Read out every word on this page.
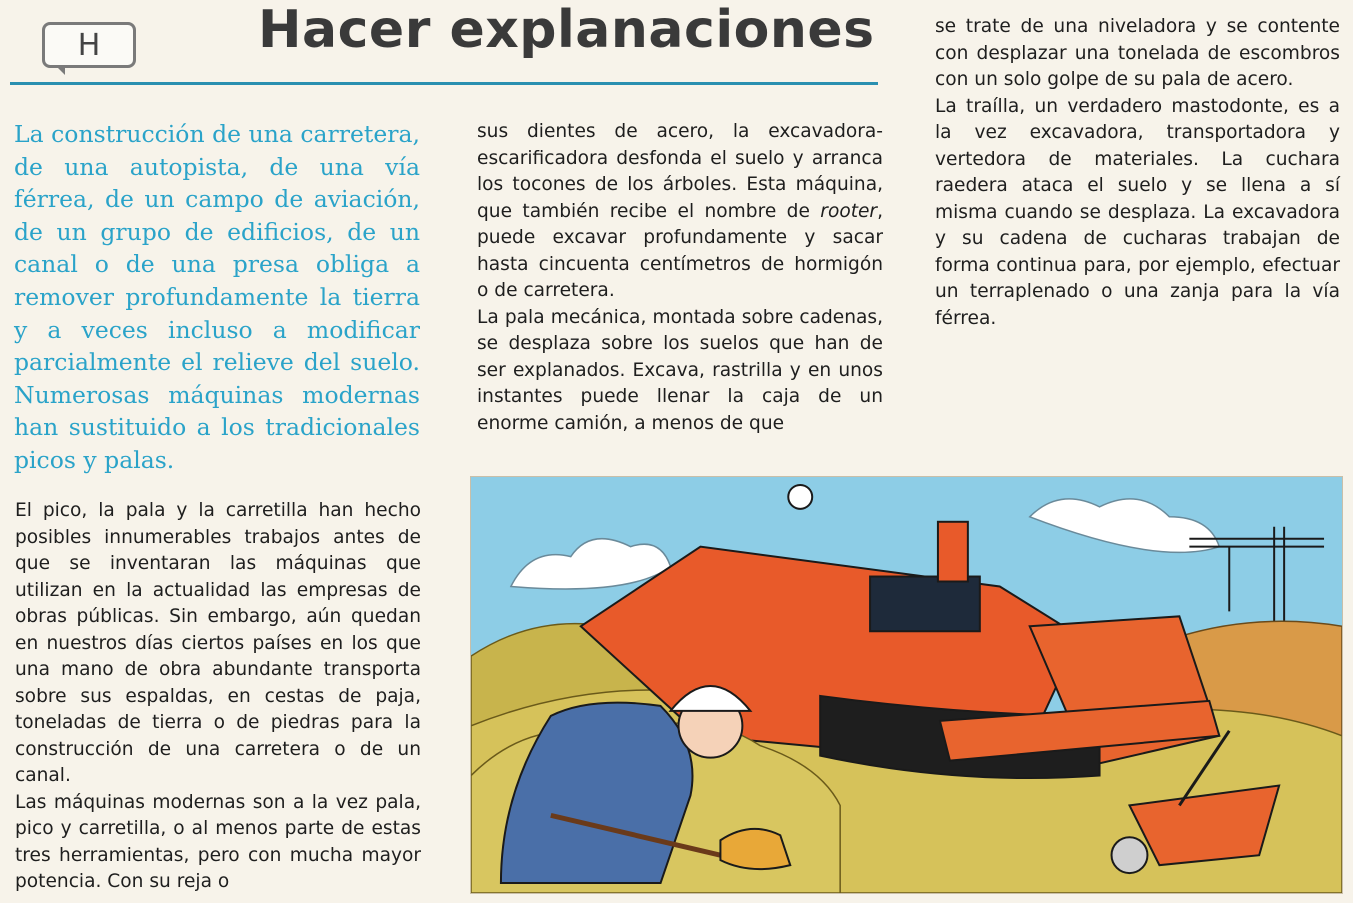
H	Hacer explanaciones

La construcción de una carretera, de una autopista, de una vía férrea, de un campo de aviación, de un grupo de edificios, de un canal o de una presa obliga a remover profundamente la tierra y a veces incluso a modificar parcialmente el relieve del suelo. Numerosas máquinas modernas han sustituido a los tradicionales picos y palas.

El pico, la pala y la carretilla han hecho posibles innumerables trabajos antes de que se inventaran las máquinas que utilizan en la actualidad las empresas de obras públicas. Sin embargo, aún quedan en nuestros días ciertos países en los que una mano de obra abundante transporta sobre sus espaldas, en cestas de paja, toneladas de tierra o de piedras para la construcción de una carretera o de un canal.

Las máquinas modernas son a la vez pala, pico y carretilla, o al menos parte de estas tres herramientas, pero con mucha mayor potencia. Con su reja o

sus dientes de acero, la excavadora-escarificadora desfonda el suelo y arranca los tocones de los árboles. Esta máquina, que también recibe el nombre de rooter, puede excavar profundamente y sacar hasta cincuenta centímetros de hormigón o de carretera.

La pala mecánica, montada sobre cadenas, se desplaza sobre los suelos que han de ser explanados. Excava, rastrilla y en unos instantes puede llenar la caja de un enorme camión, a menos de que

se trate de una niveladora y se contente con desplazar una tonelada de escombros con un solo golpe de su pala de acero.

La traílla, un verdadero mastodonte, es a la vez excavadora, transportadora y vertedora de materiales. La cuchara raedera ataca el suelo y se llena a sí misma cuando se desplaza. La excavadora y su cadena de cucharas trabajan de forma continua para, por ejemplo, efectuar un terraplenado o una zanja para la vía férrea.
